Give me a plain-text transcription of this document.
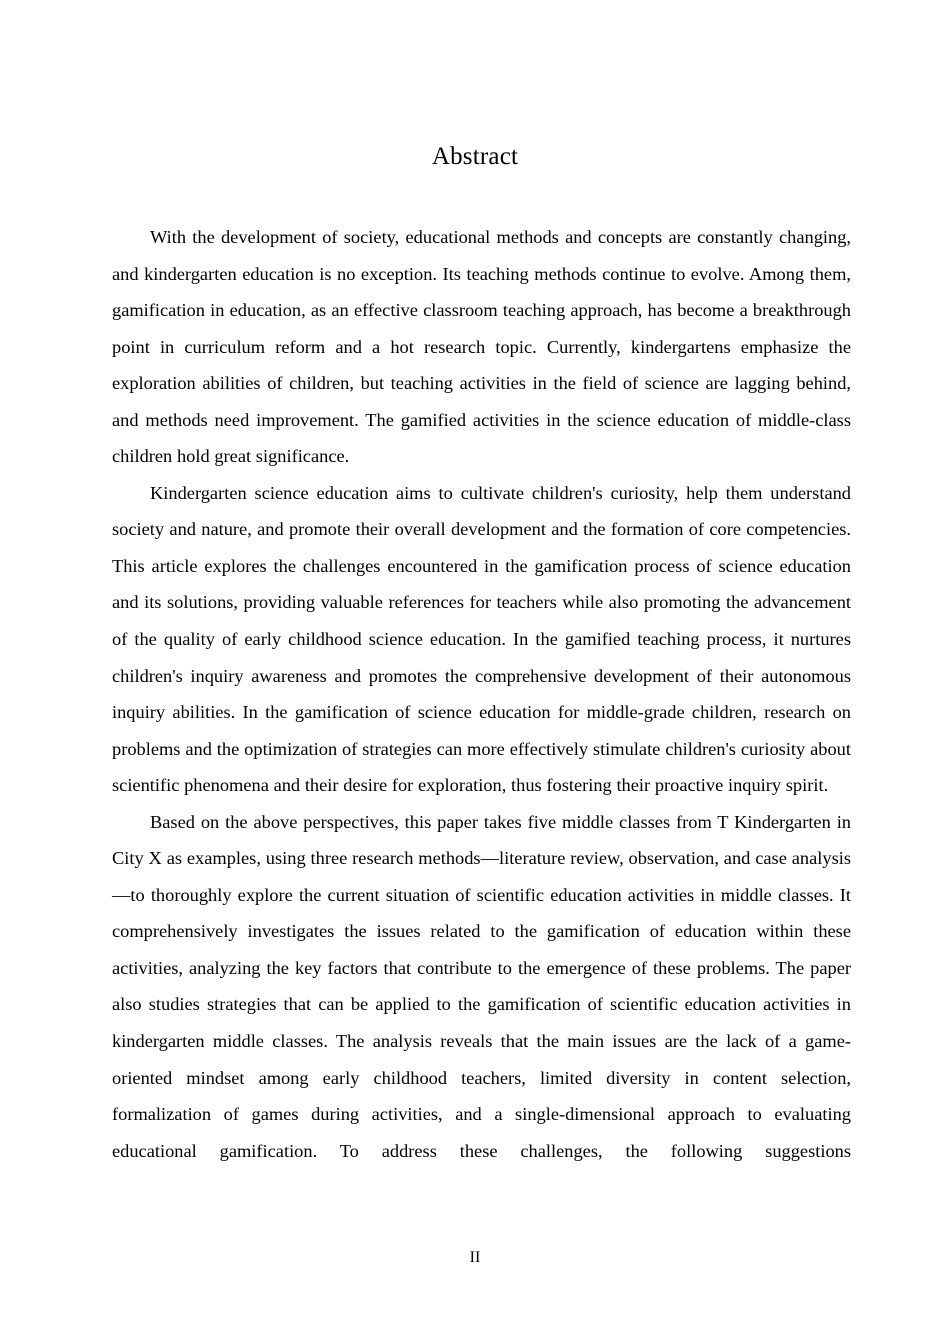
Abstract

With the development of society, educational methods and concepts are constantly changing, and kindergarten education is no exception. Its teaching methods continue to evolve. Among them, gamification in education, as an effective classroom teaching approach, has become a breakthrough point in curriculum reform and a hot research topic. Currently, kindergartens emphasize the exploration abilities of children, but teaching activities in the field of science are lagging behind, and methods need improvement. The gamified activities in the science education of middle-class children hold great significance.

Kindergarten science education aims to cultivate children's curiosity, help them understand society and nature, and promote their overall development and the formation of core competencies. This article explores the challenges encountered in the gamification process of science education and its solutions, providing valuable references for teachers while also promoting the advancement of the quality of early childhood science education. In the gamified teaching process, it nurtures children's inquiry awareness and promotes the comprehensive development of their autonomous inquiry abilities. In the gamification of science education for middle-grade children, research on problems and the optimization of strategies can more effectively stimulate children's curiosity about scientific phenomena and their desire for exploration, thus fostering their proactive inquiry spirit.

Based on the above perspectives, this paper takes five middle classes from T Kindergarten in City X as examples, using three research methods—literature review, observation, and case analysis—to thoroughly explore the current situation of scientific education activities in middle classes. It comprehensively investigates the issues related to the gamification of education within these activities, analyzing the key factors that contribute to the emergence of these problems. The paper also studies strategies that can be applied to the gamification of scientific education activities in kindergarten middle classes. The analysis reveals that the main issues are the lack of a game-oriented mindset among early childhood teachers, limited diversity in content selection, formalization of games during activities, and a single-dimensional approach to evaluating educational gamification. To address these challenges, the following suggestions

II
